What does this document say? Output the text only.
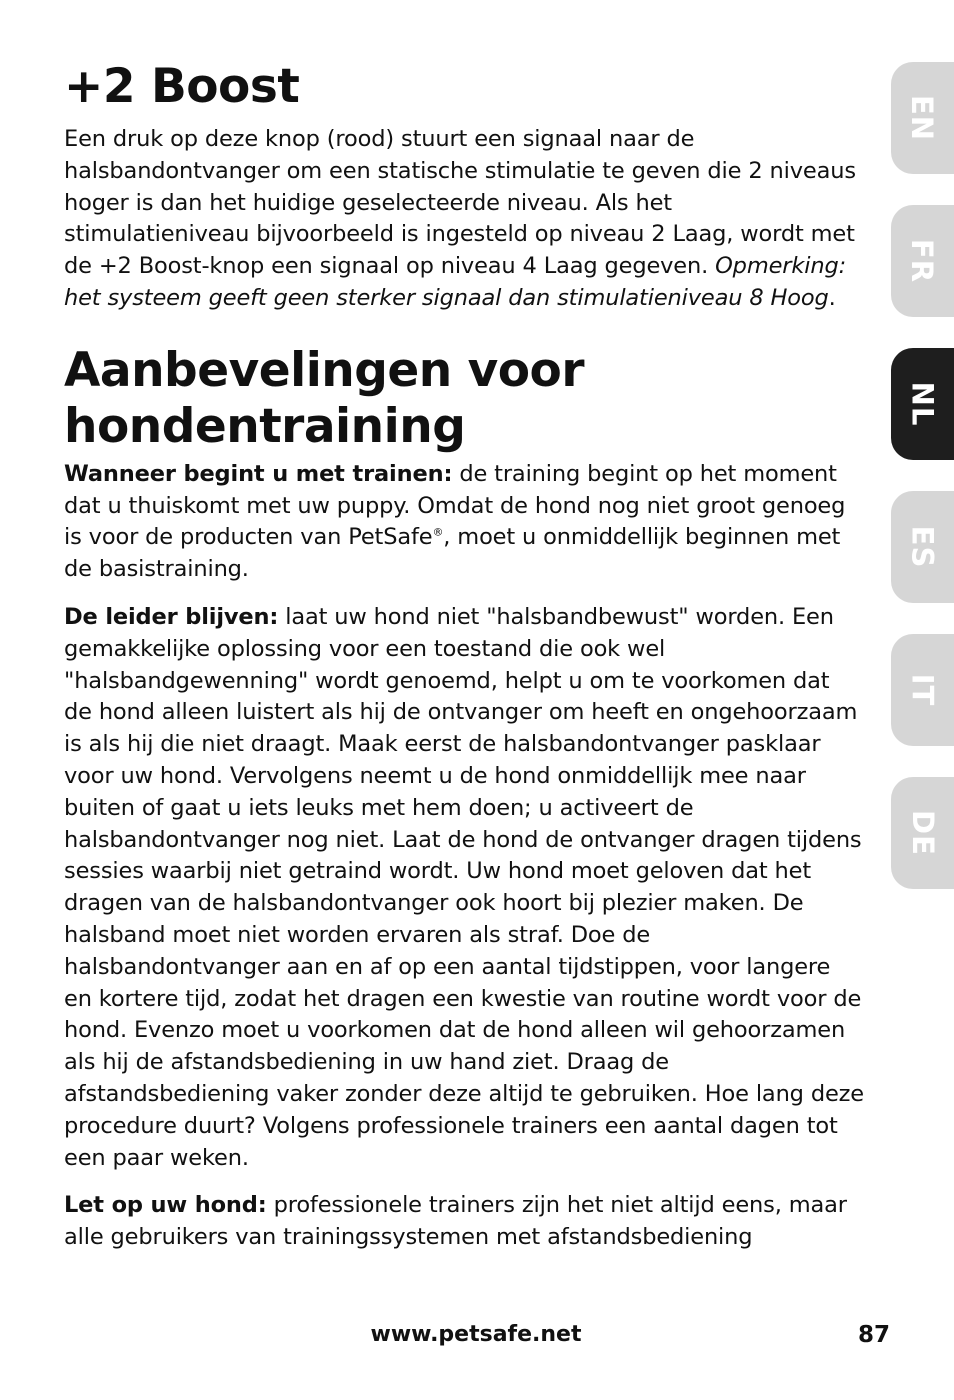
+2 Boost

Een druk op deze knop (rood) stuurt een signaal naar de halsbandontvanger om een statische stimulatie te geven die 2 niveaus hoger is dan het huidige geselecteerde niveau. Als het stimulatieniveau bijvoorbeeld is ingesteld op niveau 2 Laag, wordt met de +2 Boost-knop een signaal op niveau 4 Laag gegeven. Opmerking: het systeem geeft geen sterker signaal dan stimulatieniveau 8 Hoog.

Aanbevelingen voor hondentraining

Wanneer begint u met trainen: de training begint op het moment dat u thuiskomt met uw puppy. Omdat de hond nog niet groot genoeg is voor de producten van PetSafe®, moet u onmiddellijk beginnen met de basistraining.

De leider blijven: laat uw hond niet "halsbandbewust" worden. Een gemakkelijke oplossing voor een toestand die ook wel "halsbandgewenning" wordt genoemd, helpt u om te voorkomen dat de hond alleen luistert als hij de ontvanger om heeft en ongehoorzaam is als hij die niet draagt. Maak eerst de halsbandontvanger pasklaar voor uw hond. Vervolgens neemt u de hond onmiddellijk mee naar buiten of gaat u iets leuks met hem doen; u activeert de halsbandontvanger nog niet. Laat de hond de ontvanger dragen tijdens sessies waarbij niet getraind wordt. Uw hond moet geloven dat het dragen van de halsbandontvanger ook hoort bij plezier maken. De halsband moet niet worden ervaren als straf. Doe de halsbandontvanger aan en af op een aantal tijdstippen, voor langere en kortere tijd, zodat het dragen een kwestie van routine wordt voor de hond. Evenzo moet u voorkomen dat de hond alleen wil gehoorzamen als hij de afstandsbediening in uw hand ziet. Draag de afstandsbediening vaker zonder deze altijd te gebruiken. Hoe lang deze procedure duurt? Volgens professionele trainers een aantal dagen tot een paar weken.

Let op uw hond: professionele trainers zijn het niet altijd eens, maar alle gebruikers van trainingssystemen met afstandsbediening

EN
FR
NL
ES
IT
DE
www.petsafe.net	87
